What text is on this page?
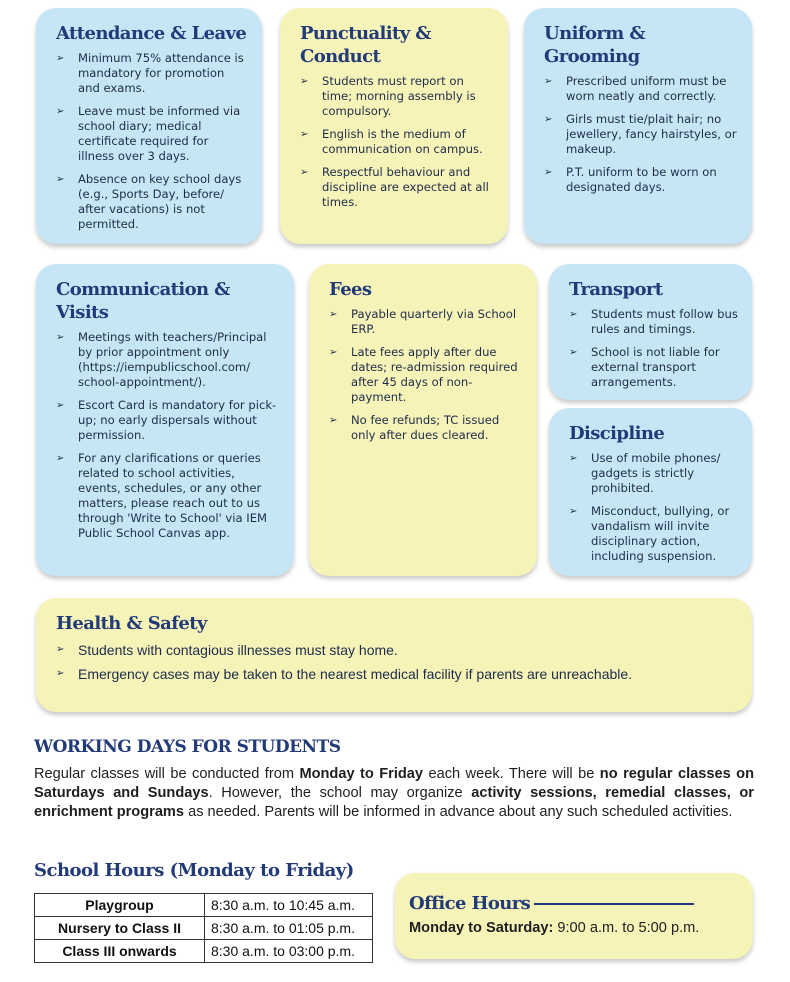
Attendance & Leave
➢ Minimum 75% attendance is mandatory for promotion and exams.
➢ Leave must be informed via school diary; medical certificate required for illness over 3 days.
➢ Absence on key school days (e.g., Sports Day, before/ after vacations) is not permitted.
Punctuality & Conduct
➢ Students must report on time; morning assembly is compulsory.
➢ English is the medium of communication on campus.
➢ Respectful behaviour and discipline are expected at all times.
Uniform & Grooming
➢ Prescribed uniform must be worn neatly and correctly.
➢ Girls must tie/plait hair; no jewellery, fancy hairstyles, or makeup.
➢ P.T. uniform to be worn on designated days.
Communication & Visits
➢ Meetings with teachers/Principal by prior appointment only (https://iempublicschool.com/ school-appointment/).
➢ Escort Card is mandatory for pick-up; no early dispersals without permission.
➢ For any clarifications or queries related to school activities, events, schedules, or any other matters, please reach out to us through 'Write to School' via IEM Public School Canvas app.
Fees
➢ Payable quarterly via School ERP.
➢ Late fees apply after due dates; re-admission required after 45 days of non-payment.
➢ No fee refunds; TC issued only after dues cleared.
Transport
➢ Students must follow bus rules and timings.
➢ School is not liable for external transport arrangements.
Discipline
➢ Use of mobile phones/ gadgets is strictly prohibited.
➢ Misconduct, bullying, or vandalism will invite disciplinary action, including suspension.
Health & Safety
➢ Students with contagious illnesses must stay home.
➢ Emergency cases may be taken to the nearest medical facility if parents are unreachable.
WORKING DAYS FOR STUDENTS

Regular classes will be conducted from Monday to Friday each week. There will be no regular classes on Saturdays and Sundays. However, the school may organize activity sessions, remedial classes, or enrichment programs as needed. Parents will be informed in advance about any such scheduled activities.

School Hours (Monday to Friday)
Playgroup	8:30 a.m. to 10:45 a.m.
Nursery to Class II	8:30 a.m. to 01:05 p.m.
Class III onwards	8:30 a.m. to 03:00 p.m.
Office Hours

Monday to Saturday: 9:00 a.m. to 5:00 p.m.
